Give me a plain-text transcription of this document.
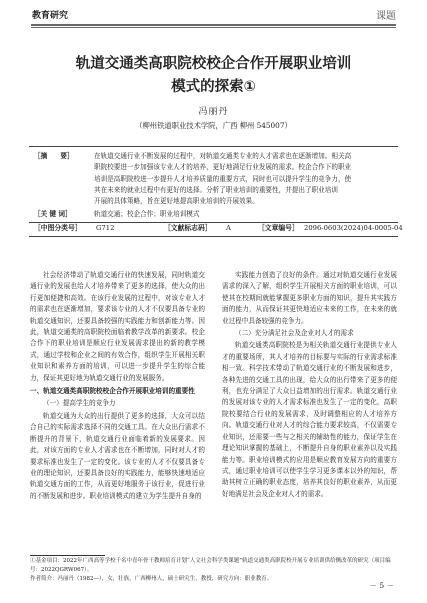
教育研究	课题
轨道交通类高职院校校企合作开展职业培训
模式的探索①
冯丽丹
（柳州铁道职业技术学院，广西 柳州 545007）
［摘　　要］	在轨道交通行业不断发展的过程中，对轨道交通类专业的人才需求也在逐渐增加。相关高
职院校要进一步加强该专业人才的培养，更好地满足行业发展的需求。校企合作下的职业
培训是高职院校进一步提升人才培养质量的重要方式，同时也可以提升学生的竞争力，使
其在未来的就业过程中有更好的选择。分析了职业培训的重要性，并提出了职业培训
开展的具体策略，旨在更好地提高职业培训的开展效果。
［关 键 词］	轨道交通；校企合作；职业培训模式
［中图分类号］ G712	［文献标志码］ A	［文章编号］ 2096-0603(2024)04-0005-04

社会经济带动了轨道交通行业的快速发展，同时轨道交通行业的发展也给人才培养带来了更多的选择，使大众的出行更加便捷和高效。在该行业发展的过程中，对该专业人才的需求也在逐渐增加，要求该专业的人才不仅要具备专业的轨道交通知识，还要具备较强的实践能力和创新能力等。因此，轨道交通类的高职院校面临着教学改革的新要求。校企合作下的职业培训是顺应行业发展需求提出的新的教学模式，通过学校和企业之间的有效合作，组织学生开展相关职业知识和素养方面的培训，可以进一步提升学生的综合能力，保证其更好地为轨道交通行业的发展服务。

一、轨道交通类高职院校校企合作开展职业培训的重要性
（一）提高学生的竞争力

轨道交通为大众的出行提供了更多的选择，大众可以结合自己的实际需求选择不同的交通工具。在大众出行需求不断提升的背景下，轨道交通行业面临着新的发展要求。因此，对该方面的专业人才需求也在不断增加，同时对人才的要求标准也发生了一定的变化。该专业的人才不仅要具备专业的理论知识，还要具备良好的实践能力，能够快速地适应轨道交通方面的工作，从而更好地服务于该行业，促进行业的不断发展和进步。职业培训模式的建立为学生提升自身的

实践能力创造了良好的条件。通过对轨道交通行业发展需求的深入了解，组织学生开展相关方面的职业培训，可以使其在校期间就能掌握更多职业方面的知识，提升其实践方面的能力，从而保证其更快地适应未来的工作，在未来的就业过程中具备较强的竞争力。

（二）充分满足社会及企业对人才的需求

轨道交通类高职院校是为相关轨道交通行业提供专业人才的重要场所，其人才培养的目标要与实际的行业需求标准相一致。科学技术带动了轨道交通行业的不断发展和进步，各种先进的交通工具的出现，给大众的出行带来了更多的便利，也充分满足了大众日益增加的出行需求。轨道交通行业的发展对该专业的人才需求标准也发生了一定的变化，高职院校要结合行业的发展需求，及时调整相应的人才培养方向。轨道交通行业对人才的综合能力要求较高，不仅需要专业知识，还需要一些与之相关的辅助性的能力，保证学生在理论知识掌握的基础上，不断提升自身的职业素养以及实践能力等。职业培训模式的应用是顺应教育发展方向的重要方式，通过职业培训可以使学生学习更多课本以外的知识，帮助其树立正确的职业态度，培养其良好的职业素养，从而更好地满足社会及企业对人才的需求。

①基金项目：2022年广西高等学校千名中青年骨干教师培育计划“人文社会科学类课题”轨道交通类高职院校开展专业培训供给侧改革的研究（项目编号：2022QGRW067）。
作者简介：冯丽丹（1982—），女，壮族，广西柳州人，硕士研究生，教授，研究方向：职业教育。
－ 5 －
